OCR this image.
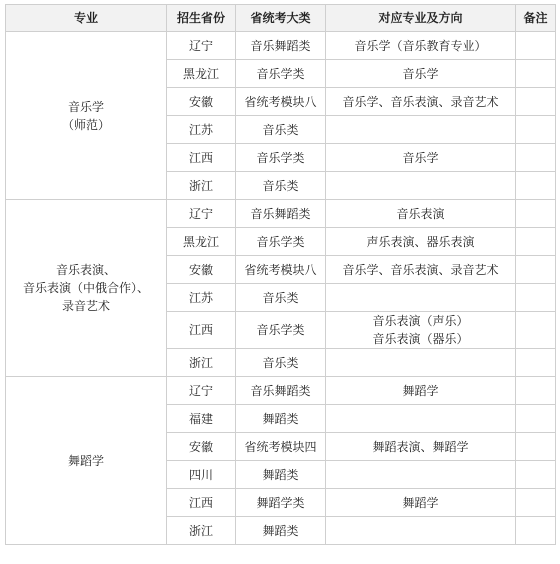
专业	招生省份	省统考大类	对应专业及方向	备注

音乐学
（师范）	辽宁	音乐舞蹈类	音乐学（音乐教育专业）	

	黑龙江	音乐学类	音乐学	

	安徽	省统考模块八	音乐学、音乐表演、录音艺术	

	江苏	音乐类	

	江西	音乐学类	音乐学	

	浙江	音乐类	

音乐表演、
音乐表演（中俄合作）、
录音艺术	辽宁	音乐舞蹈类	音乐表演	

	黑龙江	音乐学类	声乐表演、器乐表演	

	安徽	省统考模块八	音乐学、音乐表演、录音艺术	

	江苏	音乐类	

	江西	音乐学类	音乐表演（声乐）
音乐表演（器乐）	

	浙江	音乐类	

舞蹈学	辽宁	音乐舞蹈类	舞蹈学	

	福建	舞蹈类	

	安徽	省统考模块四	舞蹈表演、舞蹈学	

	四川	舞蹈类	

	江西	舞蹈学类	舞蹈学	

	浙江	舞蹈类	
